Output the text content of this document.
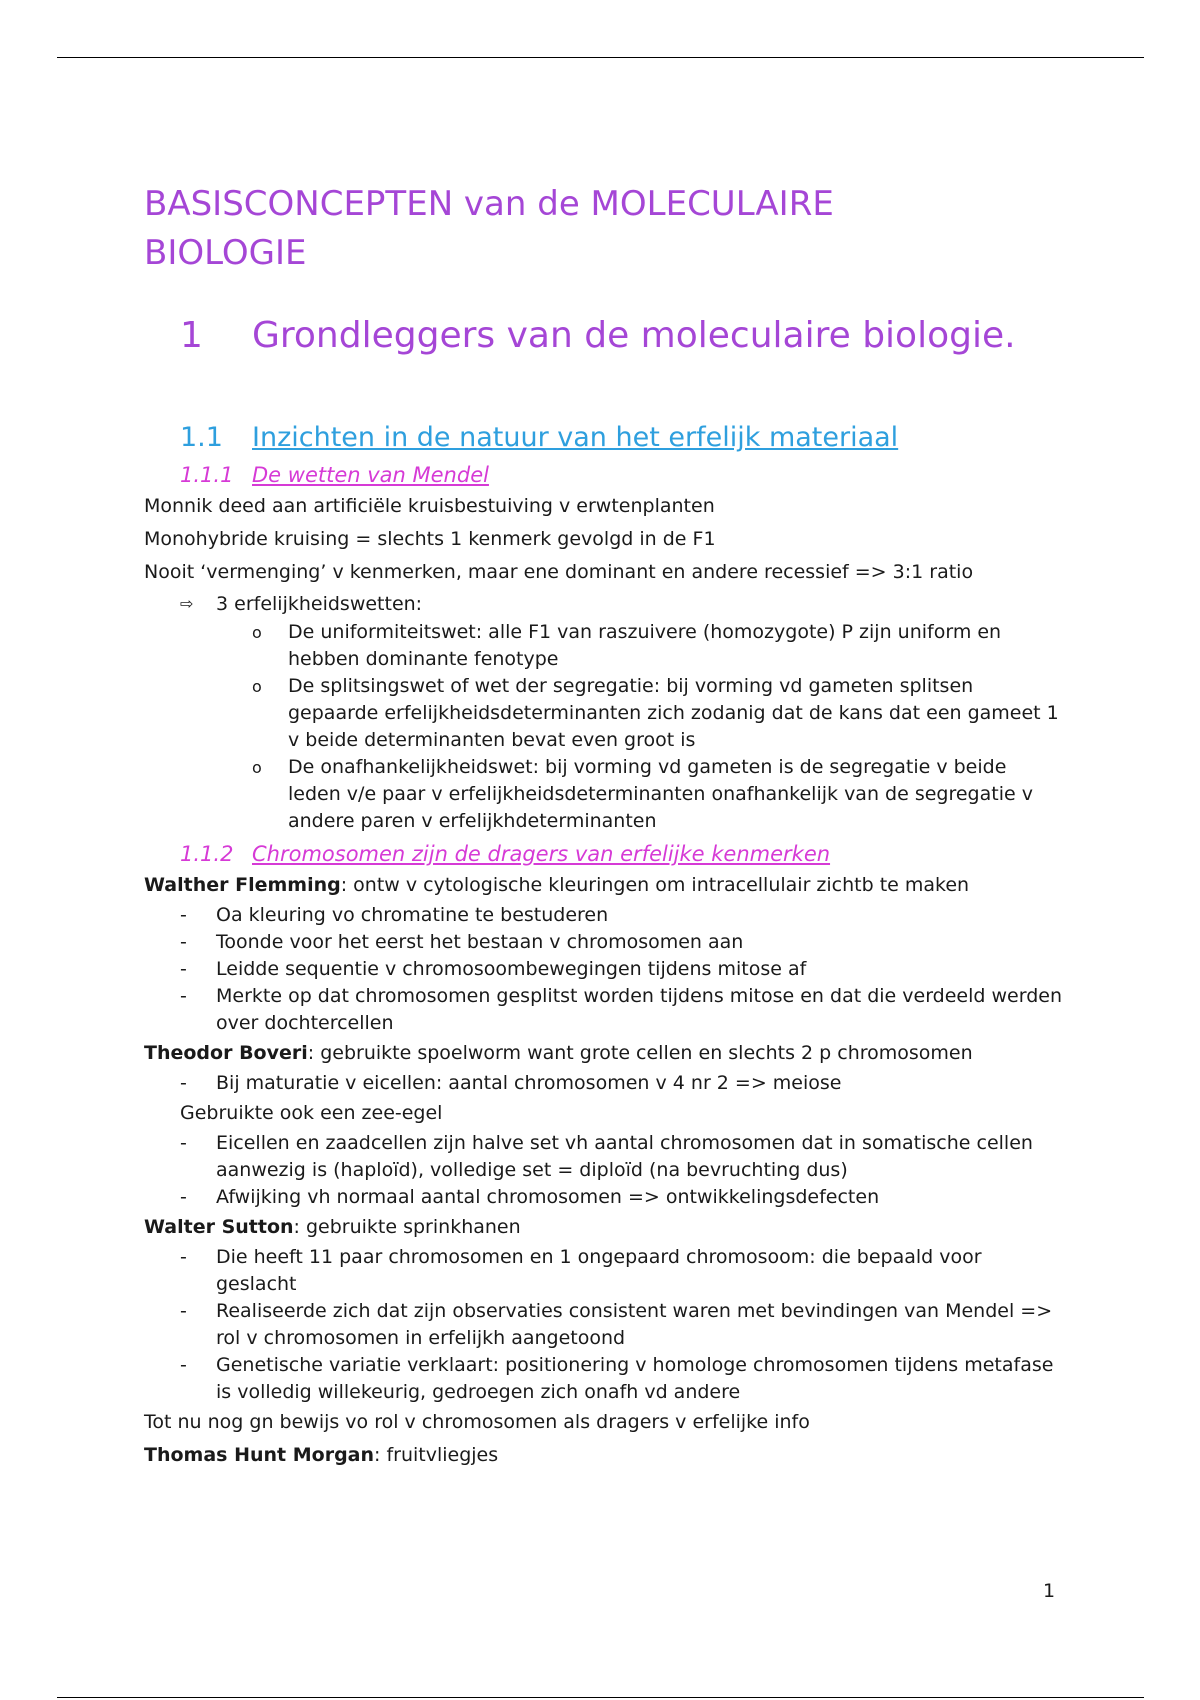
BASISCONCEPTEN van de MOLECULAIRE BIOLOGIE
1	Grondleggers van de moleculaire biologie.
1.1	Inzichten in de natuur van het erfelijk materiaal
1.1.1 De wetten van Mendel

Monnik deed aan artificiële kruisbestuiving v erwtenplanten

Monohybride kruising = slechts 1 kenmerk gevolgd in de F1

Nooit ‘vermenging’ v kenmerken, maar ene dominant en andere recessief => 3:1 ratio

⇨	3 erfelijkheidswetten:
o	De uniformiteitswet: alle F1 van raszuivere (homozygote) P zijn uniform en hebben dominante fenotype
o	De splitsingswet of wet der segregatie: bij vorming vd gameten splitsen gepaarde erfelijkheidsdeterminanten zich zodanig dat de kans dat een gameet 1 v beide determinanten bevat even groot is
o	De onafhankelijkheidswet: bij vorming vd gameten is de segregatie v beide leden v/e paar v erfelijkheidsdeterminanten onafhankelijk van de segregatie v andere paren v erfelijkhdeterminanten
1.1.2 Chromosomen zijn de dragers van erfelijke kenmerken

Walther Flemming: ontw v cytologische kleuringen om intracellulair zichtb te maken

-	Oa kleuring vo chromatine te bestuderen
-	Toonde voor het eerst het bestaan v chromosomen aan
-	Leidde sequentie v chromosoombewegingen tijdens mitose af
-	Merkte op dat chromosomen gesplitst worden tijdens mitose en dat die verdeeld werden over dochtercellen

Theodor Boveri: gebruikte spoelworm want grote cellen en slechts 2 p chromosomen

-	Bij maturatie v eicellen: aantal chromosomen v 4 nr 2 => meiose

Gebruikte ook een zee-egel

-	Eicellen en zaadcellen zijn halve set vh aantal chromosomen dat in somatische cellen aanwezig is (haploïd), volledige set = diploïd (na bevruchting dus)
-	Afwijking vh normaal aantal chromosomen => ontwikkelingsdefecten

Walter Sutton: gebruikte sprinkhanen

-	Die heeft 11 paar chromosomen en 1 ongepaard chromosoom: die bepaald voor geslacht
-	Realiseerde zich dat zijn observaties consistent waren met bevindingen van Mendel => rol v chromosomen in erfelijkh aangetoond
-	Genetische variatie verklaart: positionering v homologe chromosomen tijdens metafase is volledig willekeurig, gedroegen zich onafh vd andere

Tot nu nog gn bewijs vo rol v chromosomen als dragers v erfelijke info

Thomas Hunt Morgan: fruitvliegjes

1
